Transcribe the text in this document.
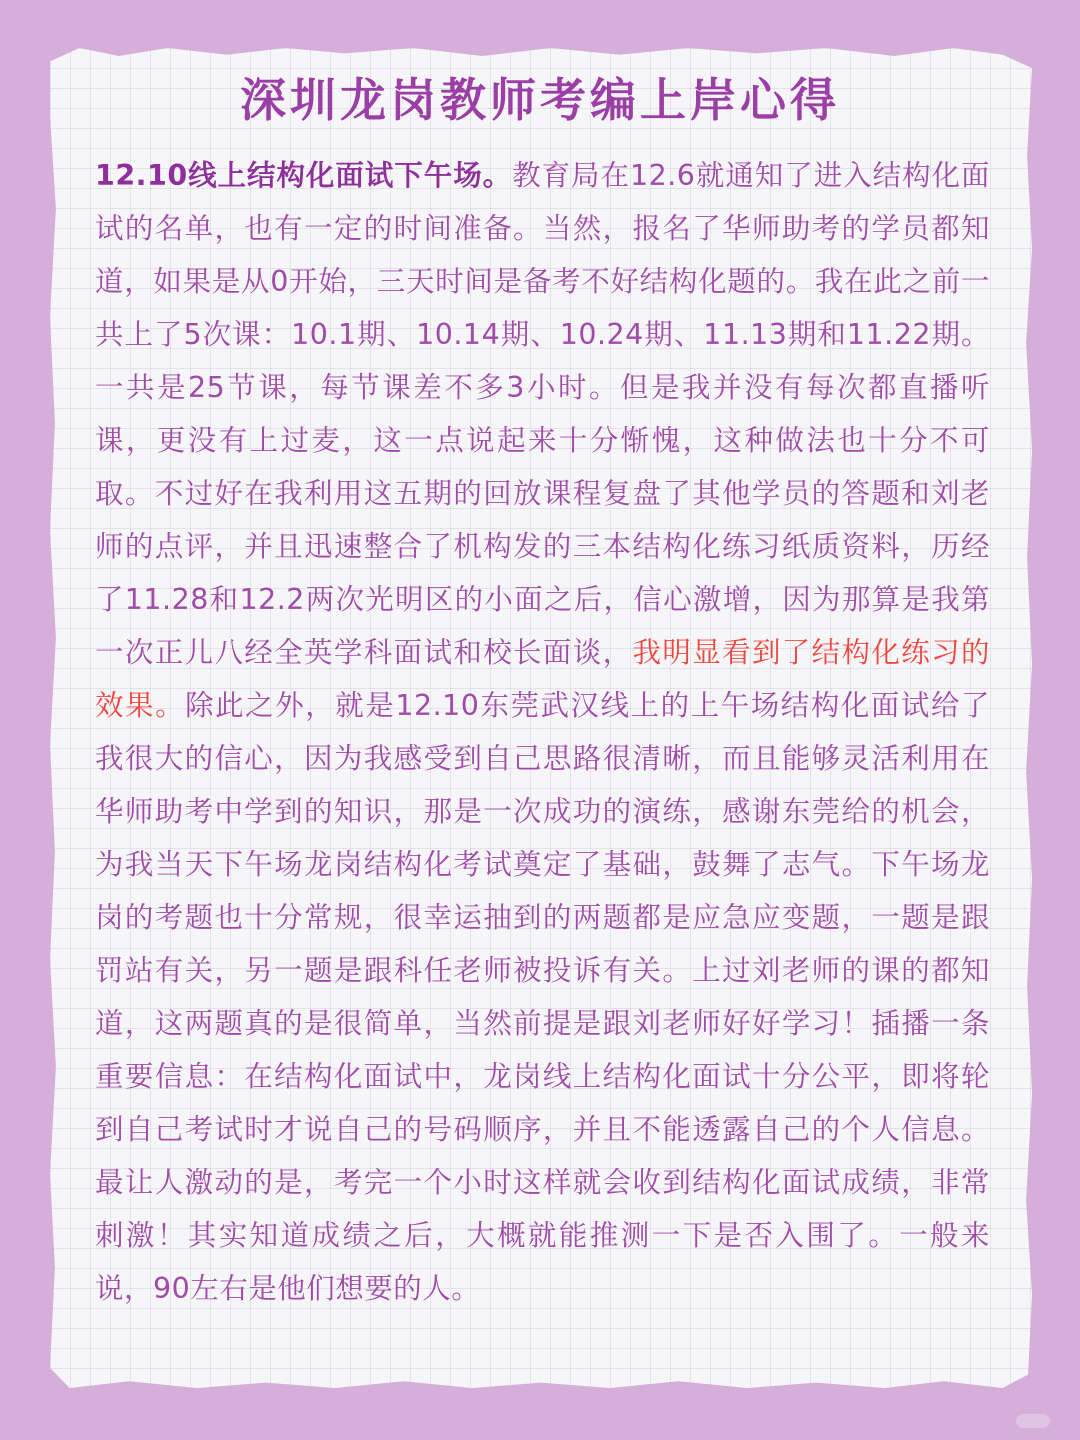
深圳龙岗教师考编上岸心得

12.10线上结构化面试下午场。教育局在12.6就通知了进入结构化面试的名单，也有一定的时间准备。当然，报名了华师助考的学员都知道，如果是从0开始，三天时间是备考不好结构化题的。我在此之前一共上了5次课：10.1期、10.14期、10.24期、11.13期和11.22期。一共是25节课，每节课差不多3小时。但是我并没有每次都直播听课，更没有上过麦，这一点说起来十分惭愧，这种做法也十分不可取。不过好在我利用这五期的回放课程复盘了其他学员的答题和刘老师的点评，并且迅速整合了机构发的三本结构化练习纸质资料，历经了11.28和12.2两次光明区的小面之后，信心激增，因为那算是我第一次正儿八经全英学科面试和校长面谈，我明显看到了结构化练习的效果。除此之外，就是12.10东莞武汉线上的上午场结构化面试给了我很大的信心，因为我感受到自己思路很清晰，而且能够灵活利用在华师助考中学到的知识，那是一次成功的演练，感谢东莞给的机会，为我当天下午场龙岗结构化考试奠定了基础，鼓舞了志气。下午场龙岗的考题也十分常规，很幸运抽到的两题都是应急应变题，一题是跟罚站有关，另一题是跟科任老师被投诉有关。上过刘老师的课的都知道，这两题真的是很简单，当然前提是跟刘老师好好学习！插播一条重要信息：在结构化面试中，龙岗线上结构化面试十分公平，即将轮到自己考试时才说自己的号码顺序，并且不能透露自己的个人信息。最让人激动的是，考完一个小时这样就会收到结构化面试成绩，非常刺激！其实知道成绩之后，大概就能推测一下是否入围了。一般来说，90左右是他们想要的人。
